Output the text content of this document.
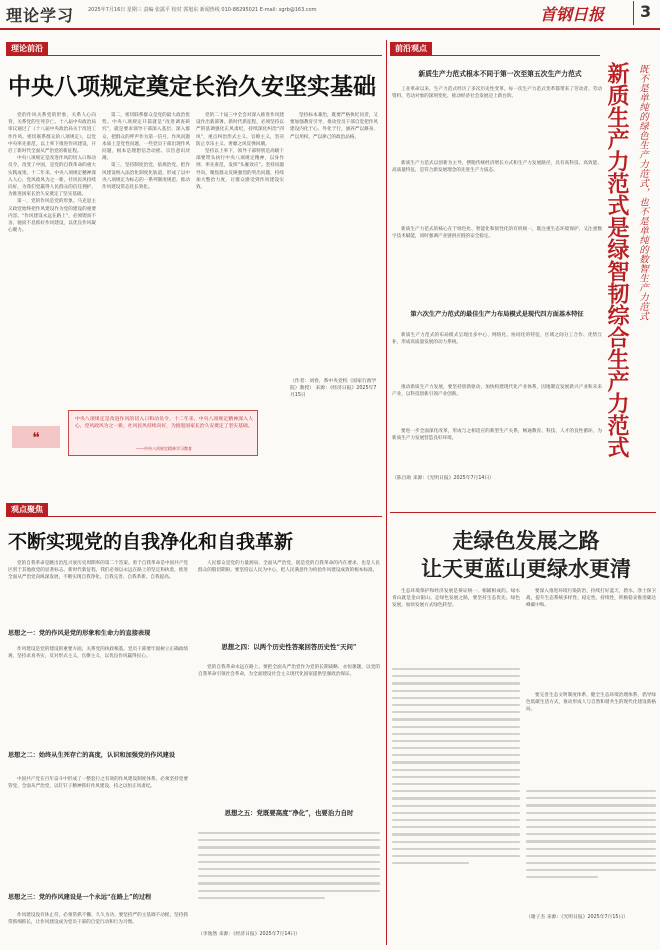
理论学习	2025年7月16日 星期三 责编 张露平 校对 郭旭东 新闻热线 010-88295021 E-mail: sgrb@163.com	首钢日报 3
理论前沿
中央八项规定奠定长治久安坚实基础

党的作风关系党的形象，关系人心向背，关系党的生死存亡。十八届中央政治局审议通过了《十八届中央政治局关于改进工作作风、密切联系群众的八项规定》，以党中央率先垂范，以上率下推进作风建设，开启了新时代全面从严治党的新征程。

中央八项规定是改进作风的切入口和动员令，改变了中国，是党的自我革命的重大实践成果。十二年来，中央八项规定精神深入人心，党风政风为之一新，社风民风持续向好，为我们党赢得人民群众的信任拥护，为推进国家长治久安奠定了坚实基础。

第一，党的作风是党的形象。马克思主义政党始终把作风建设作为党的建设的重要内容。“作风建设永远在路上”，必须锲而不舍、驰而不息抓好作风建设，以优良作风凝心聚力。

第二，密切联系群众是党的最大政治优势。中央八项规定开篇就是“改进调查研究”，就是要求领导干部深入基层、深入群众，把群众的呼声作为第一信号。作风问题本质上是党性问题，一些党员干部出现作风问题，根本是理想信念动摇、宗旨意识淡薄。

第三，坚持制度治党、依规治党。把作风建设纳入法治化制度化轨道，形成了以中央八项规定为标志的一系列制度规范，推动作风建设常态化长效化。

党的二十届三中全会对深入推进作风建设作出新部署。新时代新征程，必须坚持以严的基调强化正风肃纪，持续深化纠治“四风”，重点纠治形式主义、官僚主义，坚决防止享乐主义、奢靡之风反弹回潮。

坚持以上率下，领导干部特别是高级干部要带头执行中央八项规定精神，以身作则、率先垂范，发挥“头雁效应”。坚持问题导向，聚焦群众反映强烈的突出问题，持续加大整治力度，让群众感受到作风建设实效。

坚持标本兼治，既要严格执纪问责，又要加强教育引导，推动党员干部自觉把作风建设内化于心、外化于行，涵养严以修身、严以用权、严以律己的政治品格。

（作者：刘春，系中央党校（国家行政学院）教授） 来源：《经济日报》2025年7月15日
❝
中央八项规定是改进作风的切入口和动员令。十二年来，中央八项规定精神深入人心，党风政风为之一新，社风民风持续向好，为推进国家长治久安奠定了坚实基础。
——中央八项规定精神学习教育
观点聚焦
不断实现党的自我净化和自我革新

党的自我革命是跳出治乱兴衰历史周期率的第二个答案。勇于自我革命是中国共产党区别于其他政党的显著标志。新时代新征程，我们必须以永远在路上的坚定和执着，推进全面从严治党向纵深发展，不断实现自我净化、自我完善、自我革新、自我提高。

思想之一：党的作风是党的形象和生命力的直接表现

作风建设是党的建设的重要方面，关系党的执政根基。党员干部要牢固树立正确政绩观，坚持求真务实，反对形式主义、官僚主义，以优良作风赢得民心。

思想之二：始终从生死存亡的高度，认识和加强党的作风建设

中国共产党在百年奋斗中形成了一整套行之有效的作风建设制度体系。必须坚持党要管党、全面从严治党，以钉钉子精神抓好作风建设，持之以恒正风肃纪。

思想之三：党的作风建设是一个永远“在路上”的过程

作风建设没有休止符，必须常抓不懈、久久为功。要坚持严的主基调不动摇，坚持抓常抓细抓长，让作风建设成为党员干部的自觉行动和行为习惯。

人民群众是党的力量源泉。全面从严治党，既是党的自我革命的内在要求，也是人民群众的殷切期盼。要坚持以人民为中心，把人民满意作为检验作风建设成效的根本标准。

思想之四：以两个历史性答案回答历史性“天问”

党的自我革命永远在路上。要把全面从严治党作为党的长期战略、永恒课题，以党的自我革命引领社会革命，为全面建设社会主义现代化国家提供坚强政治保证。

思想之五：党既要高度“净化”，也要治力自时
（李逸然 来源：《经济日报》2025年7月14日）
前沿观点
新质生产力范式根本不同于第一次至第五次生产力范式	新质生产力范式是绿智韧综合生产力范式 既不是单纯的绿色生产力范式，也不是单纯的数智生产力范式

工业革命以来，生产力范式经历了多次历史性变革。每一次生产力范式变革都带来了劳动者、劳动资料、劳动对象的深刻变化，推动经济社会发展迈上新台阶。

新质生产力范式以创新为主导，摆脱传统经济增长方式和生产力发展路径，具有高科技、高效能、高质量特征，是符合新发展理念的先进生产力质态。

新质生产力范式的核心在于绿色化、智能化和韧性化的有机统一，既注重生态环境保护，又注重数字技术赋能，同时强调产业链供应链的安全稳定。

第六次生产力范式的最佳生产力布局模式是现代四方面基本特征

新质生产力范式的布局模式呈现出多中心、网络化、协同化的特征，区域之间分工合作、优势互补，形成高质量发展的动力系统。

推动新质生产力发展，要坚持创新驱动，加快构建现代化产业体系，因地制宜发展新兴产业和未来产业，以科技创新引领产业创新。

要进一步全面深化改革，形成与之相适应的新型生产关系，畅通教育、科技、人才的良性循环，为新质生产力发展营造良好环境。

（陈百助 来源：《光明日报》2025年7月14日）
走绿色发展之路
让天更蓝山更绿水更清

生态环境保护和经济发展是辩证统一、相辅相成的。绿水青山就是金山银山。走绿色发展之路，要坚持生态优先、绿色发展，加快发展方式绿色转型。

要深入推进环境污染防治，持续打好蓝天、碧水、净土保卫战，提升生态系统多样性、稳定性、持续性，积极稳妥推进碳达峰碳中和。

要完善生态文明制度体系，健全生态环境治理体系，倡导绿色低碳生活方式，推动形成人与自然和谐共生的现代化建设新格局。

（谢子杰 来源：《光明日报》2025年7月15日）
